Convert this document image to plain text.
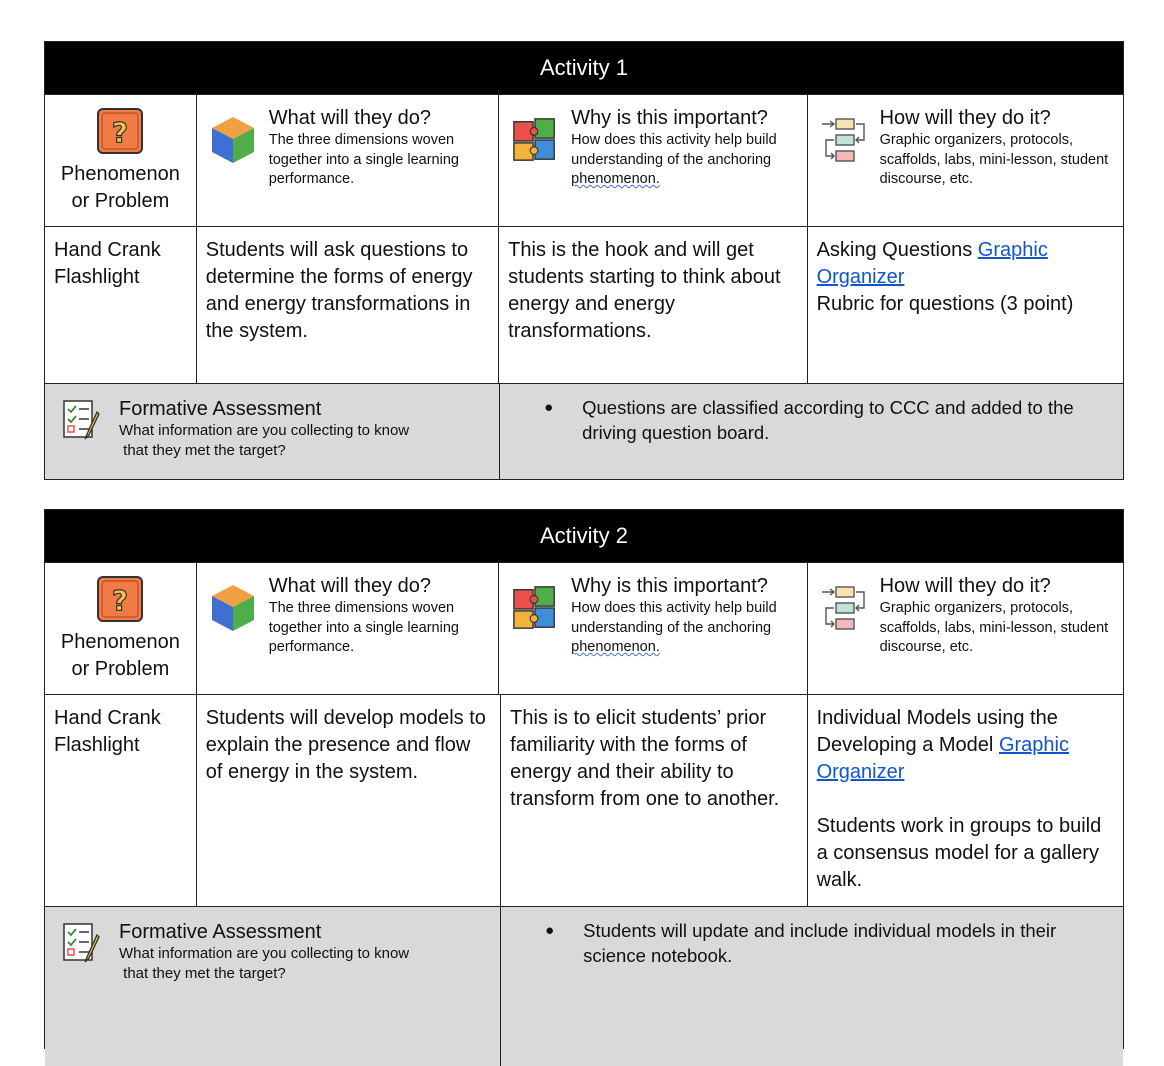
Activity 1
?
Phenomenon
or Problem
What will they do?
The three dimensions woven together into a single learning performance.
Why is this important?
How does this activity help build understanding of the anchoring phenomenon.
How will they do it?
Graphic organizers, protocols, scaffolds, labs, mini-lesson, student discourse, etc.
Hand Crank Flashlight
Students will ask questions to determine the forms of energy and energy transformations in the system.
This is the hook and will get students starting to think about energy and energy transformations.
Asking Questions Graphic Organizer
Rubric for questions (3 point)
Formative Assessment
What information are you collecting to know
that they met the target?
●
Questions are classified according to CCC and added to the driving question board.
Activity 2
?
Phenomenon
or Problem
What will they do?
The three dimensions woven together into a single learning performance.
Why is this important?
How does this activity help build understanding of the anchoring phenomenon.
How will they do it?
Graphic organizers, protocols, scaffolds, labs, mini-lesson, student discourse, etc.
Hand Crank Flashlight
Students will develop models to explain the presence and flow of energy in the system.
This is to elicit students’ prior familiarity with the forms of energy and their ability to transform from one to another.
Individual Models using the Developing a Model Graphic Organizer
Students work in groups to build a consensus model for a gallery walk.
Formative Assessment
What information are you collecting to know
that they met the target?
●
Students will update and include individual models in their science notebook.
